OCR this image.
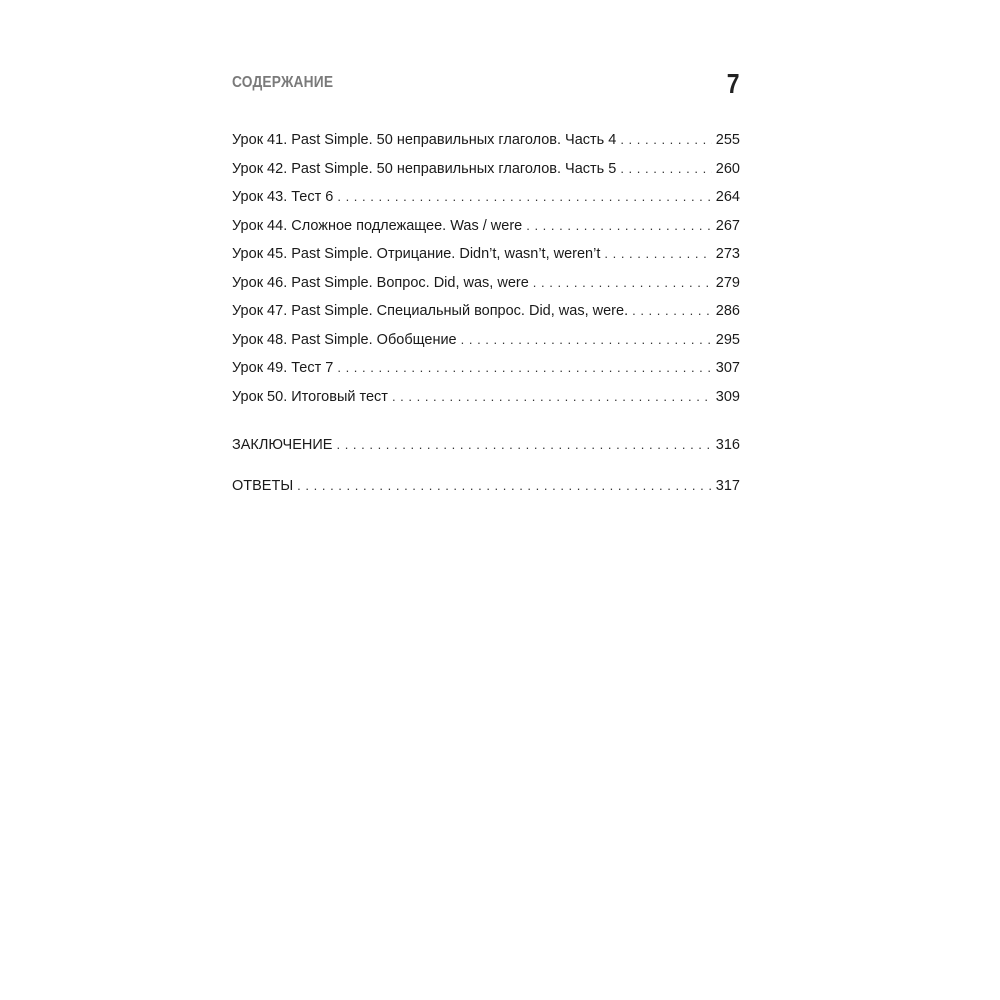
СОДЕРЖАНИЕ	7
Урок 41. Past Simple. 50 неправильных глаголов. Часть 4 . . .	255
Урок 42. Past Simple. 50 неправильных глаголов. Часть 5 . . .	260
Урок 43. Тест 6 . . .	264
Урок 44. Сложное подлежащее. Was / were . . .	267
Урок 45. Past Simple. Отрицание. Didn’t, wasn’t, weren’t . . .	273
Урок 46. Past Simple. Вопрос. Did, was, were . . .	279
Урок 47. Past Simple. Специальный вопрос. Did, was, were. . . .	286
Урок 48. Past Simple. Обобщение . . .	295
Урок 49. Тест 7 . . .	307
Урок 50. Итоговый тест . . .	309
ЗАКЛЮЧЕНИЕ . . .	316
ОТВЕТЫ . . .	317
